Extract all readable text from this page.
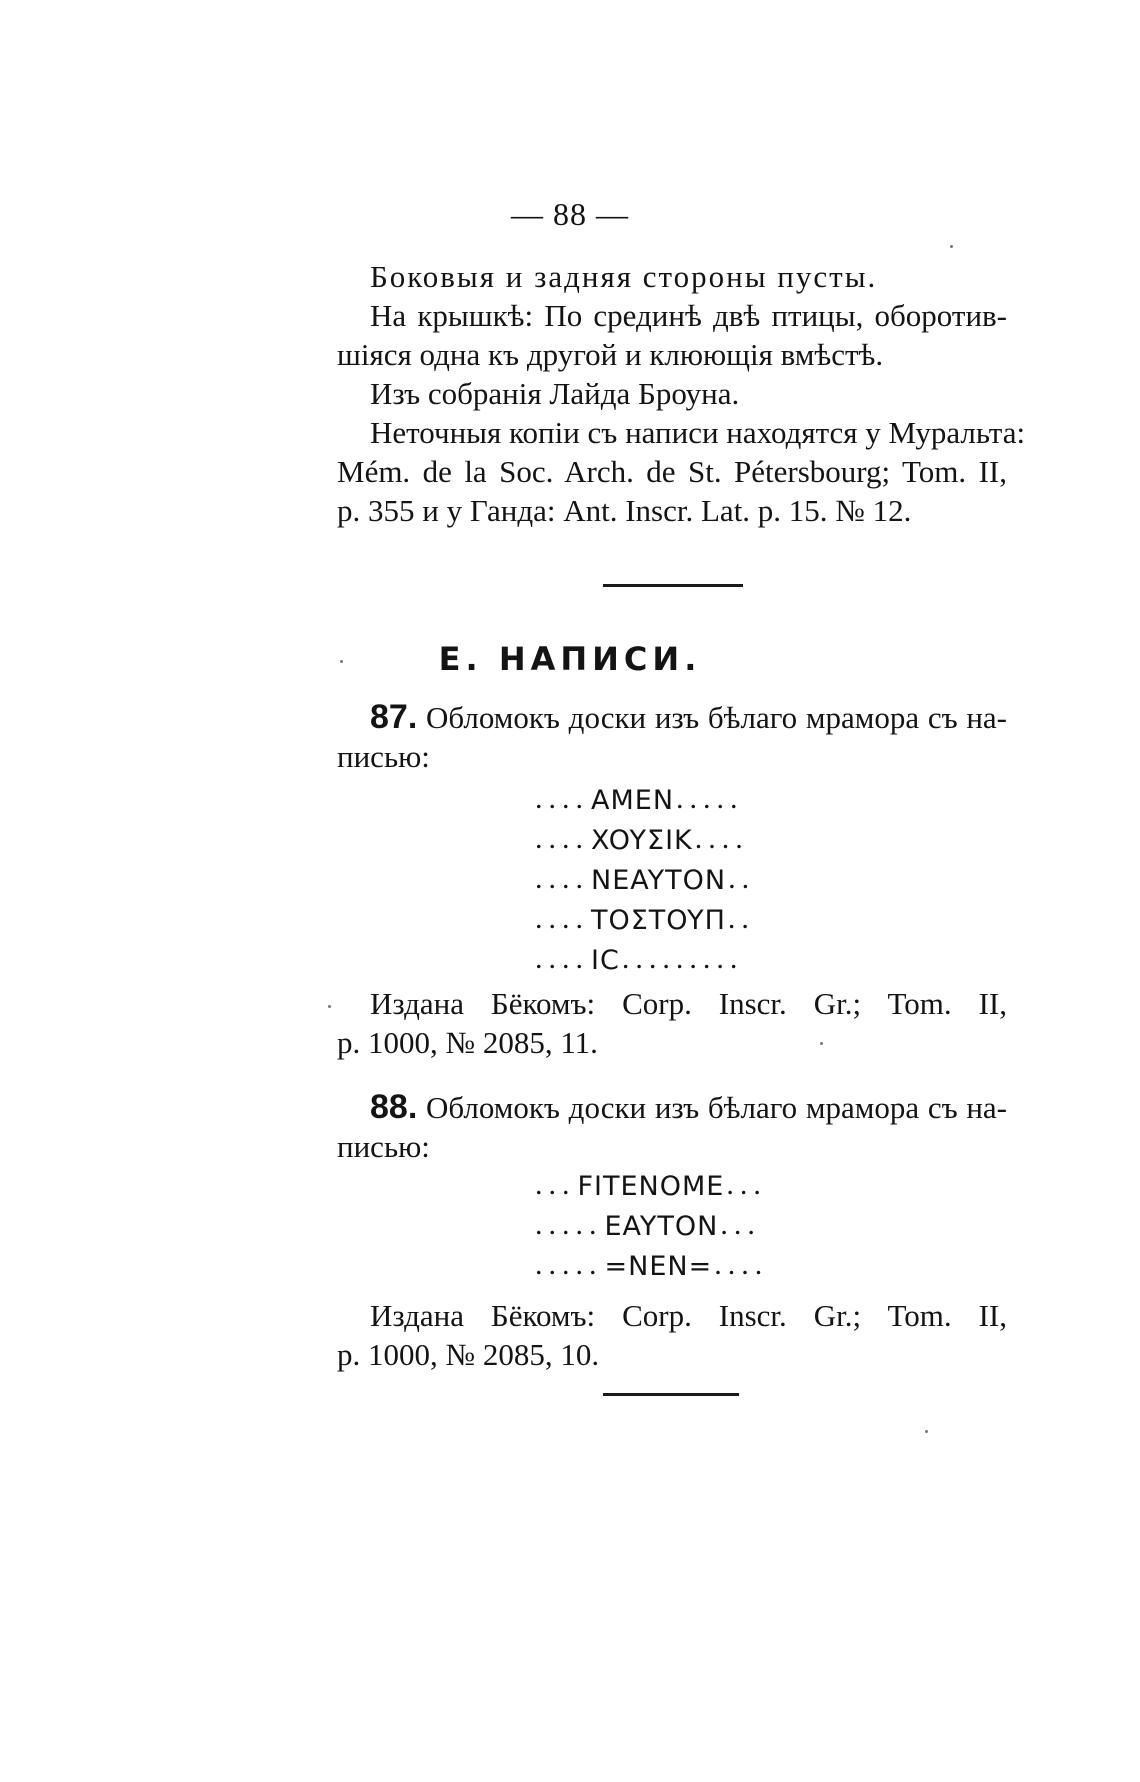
— 88 —
Боковыя и задняя стороны пусты.
На крышкѣ: По срединѣ двѣ птицы, оборотив-
шіяся одна къ другой и клюющія вмѣстѣ.
Изъ собранія Лайда Броуна.
Неточныя копіи съ написи находятся у Муральта:
Mém. de la Soc. Arch. de St. Pétersbourg; Tom. II,
p. 355 и у Ганда: Ant. Inscr. Lat. p. 15. № 12.
Е. НАПИСИ.
87. Обломокъ доски изъ бѣлаго мрамора съ на-
писью:
.... AMEN .....
.... XOYΣIK ....
.... NEAYTON ..
.... TOΣTOYΠ ..
.... IC .........
Издана Бёкомъ: Corp. Inscr. Gr.; Tom. II,
p. 1000, № 2085, 11.
88. Обломокъ доски изъ бѣлаго мрамора съ на-
писью:
... FITENOME ...
..... EAYTON ...
..... =NEN= ....
Издана Бёкомъ: Corp. Inscr. Gr.; Tom. II,
p. 1000, № 2085, 10.
